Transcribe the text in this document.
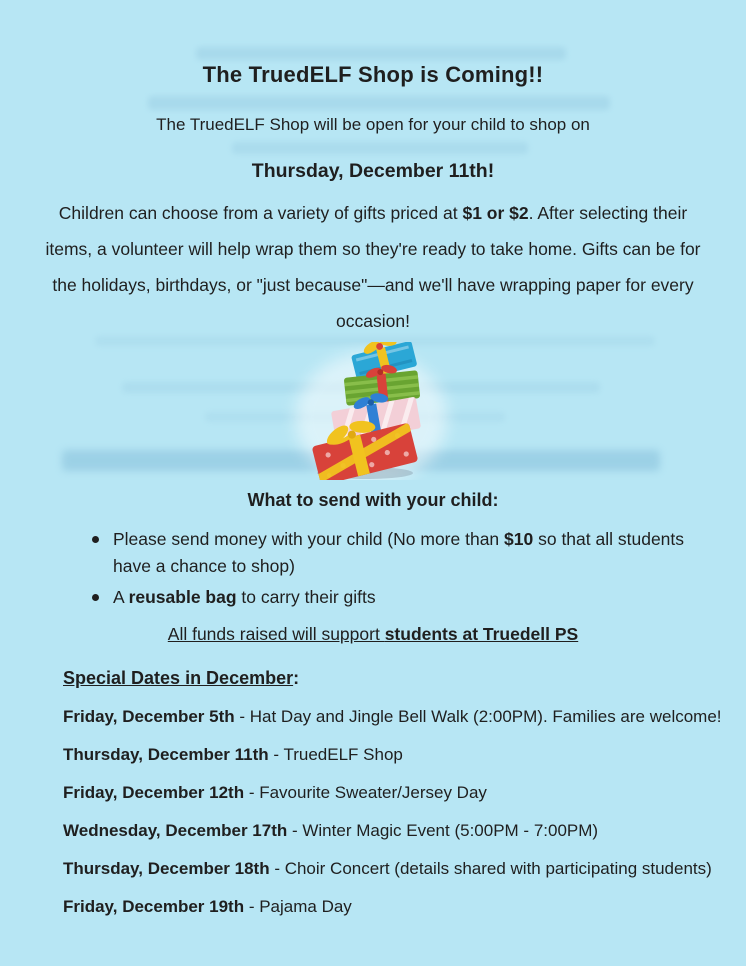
The TruedELF Shop is Coming!!

The TruedELF Shop will be open for your child to shop on

Thursday, December 11th!

Children can choose from a variety of gifts priced at $1 or $2. After selecting their items, a volunteer will help wrap them so they're ready to take home. Gifts can be for the holidays, birthdays, or "just because"—and we'll have wrapping paper for every occasion!

What to send with your child:
Please send money with your child (No more than $10 so that all students have a chance to shop)
A reusable bag to carry their gifts

All funds raised will support students at Truedell PS

Special Dates in December:
Friday, December 5th - Hat Day and Jingle Bell Walk (2:00PM). Families are welcome!
Thursday, December 11th - TruedELF Shop
Friday, December 12th - Favourite Sweater/Jersey Day
Wednesday, December 17th - Winter Magic Event (5:00PM - 7:00PM)
Thursday, December 18th - Choir Concert (details shared with participating students)
Friday, December 19th - Pajama Day
